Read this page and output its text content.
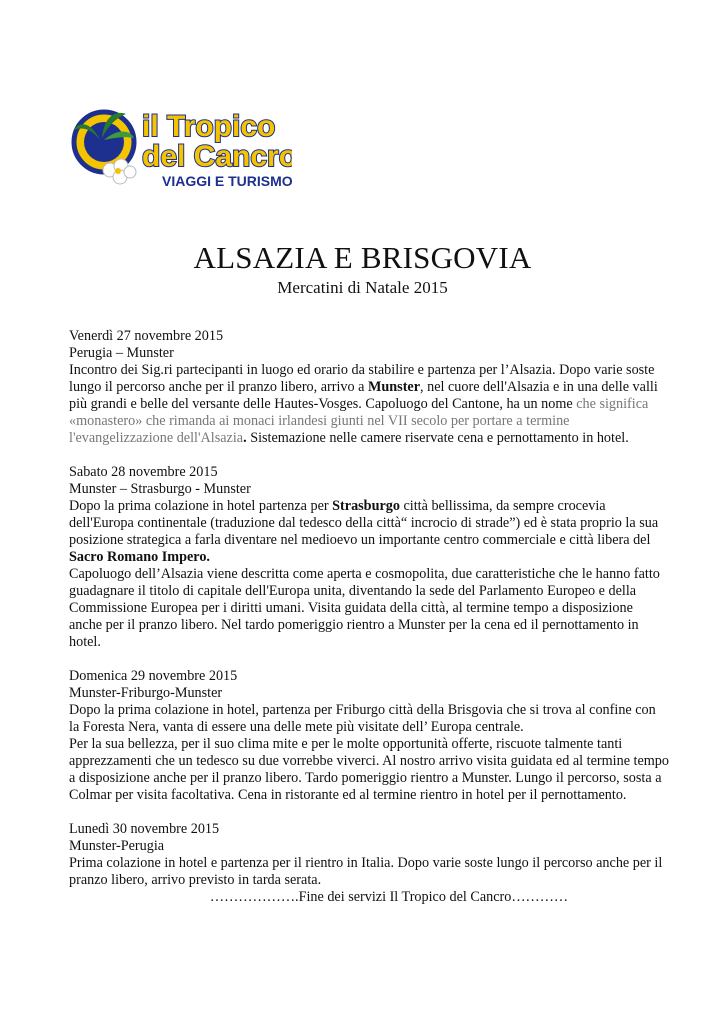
il Tropico
del Cancro
VIAGGI E TURISMO
ALSAZIA E BRISGOVIA
Mercatini di Natale 2015

Venerdì 27 novembre 2015

Perugia – Munster

Incontro dei Sig.ri partecipanti in luogo ed orario da stabilire e partenza per l’Alsazia. Dopo varie soste lungo il percorso anche per il pranzo libero, arrivo a Munster, nel cuore dell'Alsazia e in una delle valli più grandi e belle del versante delle Hautes-Vosges. Capoluogo del Cantone, ha un nome che significa «monastero» che rimanda ai monaci irlandesi giunti nel VII secolo per portare a termine l'evangelizzazione dell'Alsazia. Sistemazione nelle camere riservate cena e pernottamento in hotel.

Sabato 28 novembre 2015

Munster – Strasburgo - Munster

Dopo la prima colazione in hotel partenza per Strasburgo città bellissima, da sempre crocevia dell'Europa continentale (traduzione dal tedesco della città“ incrocio di strade”) ed è stata proprio la sua posizione strategica a farla diventare nel medioevo un importante centro commerciale e città libera del Sacro Romano Impero.

Capoluogo dell’Alsazia viene descritta come aperta e cosmopolita, due caratteristiche che le hanno fatto guadagnare il titolo di capitale dell'Europa unita, diventando la sede del Parlamento Europeo e della Commissione Europea per i diritti umani. Visita guidata della città, al termine tempo a disposizione anche per il pranzo libero. Nel tardo pomeriggio rientro a Munster per la cena ed il pernottamento in hotel.

Domenica 29 novembre 2015

Munster-Friburgo-Munster

Dopo la prima colazione in hotel, partenza per Friburgo città della Brisgovia che si trova al confine con la Foresta Nera, vanta di essere una delle mete più visitate dell’ Europa centrale.

Per la sua bellezza, per il suo clima mite e per le molte opportunità offerte, riscuote talmente tanti apprezzamenti che un tedesco su due vorrebbe viverci. Al nostro arrivo visita guidata ed al termine tempo a disposizione anche per il pranzo libero. Tardo pomeriggio rientro a Munster. Lungo il percorso, sosta a Colmar per visita facoltativa. Cena in ristorante ed al termine rientro in hotel per il pernottamento.

Lunedì 30 novembre 2015

Munster-Perugia

Prima colazione in hotel e partenza per il rientro in Italia. Dopo varie soste lungo il percorso anche per il pranzo libero, arrivo previsto in tarda serata.

……………….Fine dei servizi Il Tropico del Cancro…………
